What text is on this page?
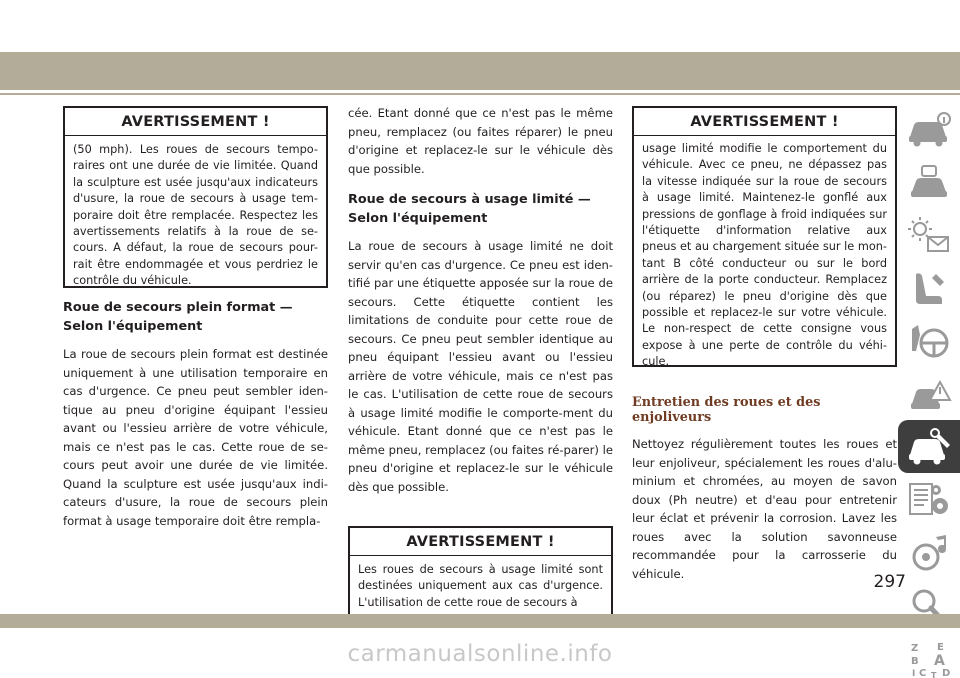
AVERTISSEMENT !
(50 mph). Les roues de secours tempo-raires ont une durée de vie limitée. Quand la sculpture est usée jusqu'aux indicateurs d'usure, la roue de secours à usage tem-poraire doit être remplacée. Respectez les avertissements relatifs à la roue de se-cours. A défaut, la roue de secours pour-rait être endommagée et vous perdriez le contrôle du véhicule.
Roue de secours plein format — Selon l'équipement
La roue de secours plein format est destinée uniquement à une utilisation temporaire en cas d'urgence. Ce pneu peut sembler iden-tique au pneu d'origine équipant l'essieu avant ou l'essieu arrière de votre véhicule, mais ce n'est pas le cas. Cette roue de se-cours peut avoir une durée de vie limitée. Quand la sculpture est usée jusqu'aux indi-cateurs d'usure, la roue de secours plein format à usage temporaire doit être rempla-
cée. Etant donné que ce n'est pas le même pneu, remplacez (ou faites réparer) le pneu d'origine et replacez-le sur le véhicule dès que possible.
Roue de secours à usage limité — Selon l'équipement
La roue de secours à usage limité ne doit servir qu'en cas d'urgence. Ce pneu est iden-tifié par une étiquette apposée sur la roue de secours. Cette étiquette contient les limitations de conduite pour cette roue de secours. Ce pneu peut sembler identique au pneu équipant l'essieu avant ou l'essieu arrière de votre véhicule, mais ce n'est pas le cas. L'utilisation de cette roue de secours à usage limité modifie le comporte-ment du véhicule. Etant donné que ce n'est pas le même pneu, remplacez (ou faites ré-parer) le pneu d'origine et replacez-le sur le véhicule dès que possible.
AVERTISSEMENT !
Les roues de secours à usage limité sont destinées uniquement aux cas d'urgence. L'utilisation de cette roue de secours à
AVERTISSEMENT !
usage limité modifie le comportement du véhicule. Avec ce pneu, ne dépassez pas la vitesse indiquée sur la roue de secours à usage limité. Maintenez-le gonflé aux pressions de gonflage à froid indiquées sur l'étiquette d'information relative aux pneus et au chargement située sur le mon-tant B côté conducteur ou sur le bord arrière de la porte conducteur. Remplacez (ou réparez) le pneu d'origine dès que possible et replacez-le sur votre véhicule. Le non-respect de cette consigne vous expose à une perte de contrôle du véhi-cule.
Entretien des roues et des enjoliveurs
Nettoyez régulièrement toutes les roues et leur enjoliveur, spécialement les roues d'alu-minium et chromées, au moyen de savon doux (Ph neutre) et d'eau pour entretenir leur éclat et prévenir la corrosion. Lavez les roues avec la solution savonneuse recommandée pour la carrosserie du véhicule.
Z E
B A
C D
T
I
297
carmanualsonline.info
